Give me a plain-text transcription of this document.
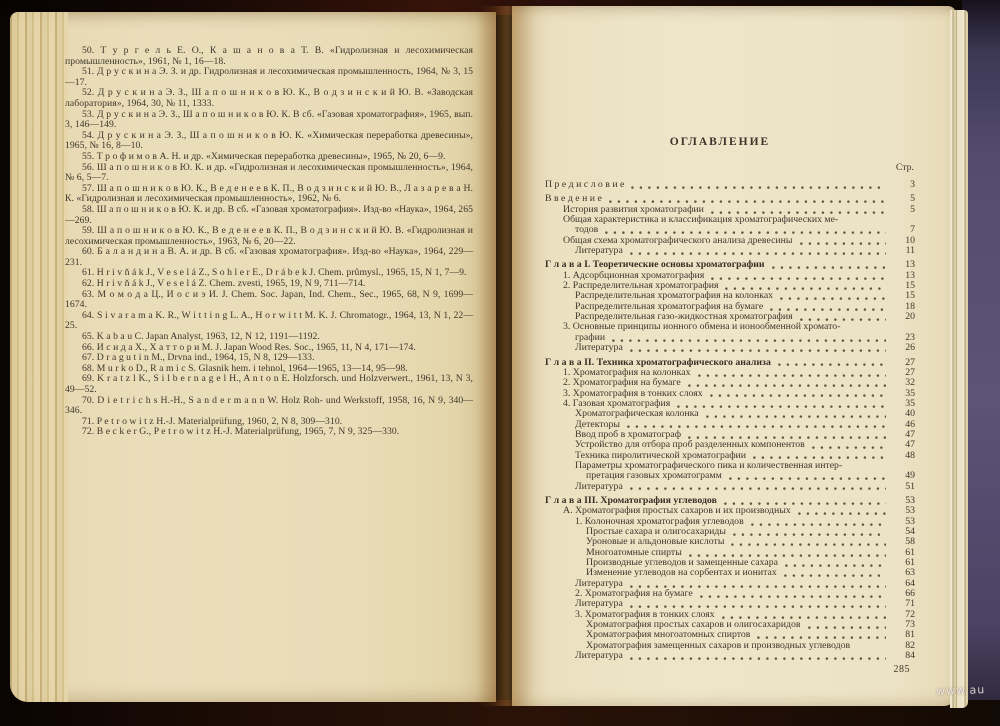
50. Т у р г е л ь Е. О., К а ш а н о в а Т. В. «Гидролизная и лесохимическая промышленность», 1961, № 1, 16—18.

51. Д р у с к и н а Э. З. и др. Гидролизная и лесохимическая промышленность, 1964, № 3, 15—17.

52. Д р у с к и н а Э. З., Ш а п о ш н и к о в Ю. К., В о д з и н с к и й Ю. В. «Заводская лаборатория», 1964, 30, № 11, 1333.

53. Д р у с к и н а Э. З., Ш а п о ш н и к о в Ю. К. В сб. «Газовая хроматография», 1965, вып. 3, 146—149.

54. Д р у с к и н а Э. З., Ш а п о ш н и к о в Ю. К. «Химическая переработка древесины», 1965, № 16, 8—10.

55. Т р о ф и м о в А. Н. и др. «Химическая переработка древесины», 1965, № 20, 6—9.

56. Ш а п о ш н и к о в Ю. К. и др. «Гидролизная и лесохимическая промышленность», 1964, № 6, 5—7.

57. Ш а п о ш н и к о в Ю. К., В е д е н е е в К. П., В о д з и н с к и й Ю. В., Л а з а р е в а Н. К. «Гидролизная и лесохимическая промышленность», 1962, № 6.

58. Ш а п о ш н и к о в Ю. К. и др. В сб. «Газовая хроматография». Изд-во «Наука», 1964, 265—269.

59. Ш а п о ш н и к о в Ю. К., В е д е н е е в К. П., В о д з и н с к и й Ю. В. «Гидролизная и лесохимическая промышленность», 1963, № 6, 20—22.

60. Б а л а н д и н а В. А. и др. В сб. «Газовая хроматография». Изд-во «Наука», 1964, 229—231.

61. H r i v ň á k J., V e s e l á Z., S o h l e r E., D r á b e k J. Chem. průmysl., 1965, 15, N 1, 7—9.

62. H r i v ň á k J., V e s e l á Z. Chem. zvesti, 1965, 19, N 9, 711—714.

63. М о м о д а Ц., И о с и э И. J. Chem. Soc. Japan, Ind. Chem., Sec., 1965, 68, N 9, 1699—1674.

64. S i v a r a m a K. R., W i t t i n g L. A., H o r w i t t M. K. J. Chromatogr., 1964, 13, N 1, 22—25.

65. K a b a u C. Japan Analyst, 1963, 12, N 12, 1191—1192.

66. И с и д а Х., Х а т т о р и М. J. Japan Wood Res. Soc., 1965, 11, N 4, 171—174.

67. D r a g u t i n M., Drvna ind., 1964, 15, N 8, 129—133.

68. M u r k o D., R a m i c S. Glasnik hem. i tehnol, 1964—1965, 13—14, 95—98.

69. K r a t z l K., S i l b e r n a g e l H., A n t o n E. Holzforsch. und Holzverwert., 1961, 13, N 3, 49—52.

70. D i e t r i c h s H.-H., S a n d e r m a n n W. Holz Roh- und Werkstoff, 1958, 16, N 9, 340—346.

71. P e t r o w i t z H.-J. Materialprüfung, 1960, 2, N 8, 309—310.

72. B e c k e r G., P e t r o w i t z H.-J. Materialprüfung, 1965, 7, N 9, 325—330.

ОГЛАВЛЕНИЕ
Стр.
П р е д и с л о в и е	3
В в е д е н и е	5
История развития хроматографии	5
Общая характеристика и классификация хроматографических ме-
тодов	7
Общая схема хроматографического анализа древесины	10
Литература	11
Г л а в а I. Теоретические основы хроматографии	13
1. Адсорбционная хроматография	13
2. Распределительная хроматография	15
Распределительная хроматография на колонках	15
Распределительная хроматография на бумаге	18
Распределительная газо-жидкостная хроматография	20
3. Основные принципы ионного обмена и ионообменной хромато-
графии	23
Литература	26
Г л а в а II. Техника хроматографического анализа	27
1. Хроматография на колонках	27
2. Хроматография на бумаге	32
3. Хроматография в тонких слоях	35
4. Газовая хроматография	35
Хроматографическая колонка	40
Детекторы	46
Ввод проб в хроматограф	47
Устройство для отбора проб разделенных компонентов	47
Техника пиролитической хроматографии	48
Параметры хроматографического пика и количественная интер-
претация газовых хроматограмм	49
Литература	51
Г л а в а III. Хроматография углеводов	53
А. Хроматография простых сахаров и их производных	53
1. Колоночная хроматография углеводов	53
Простые сахара и олигосахариды	54
Уроновые и альдоновые кислоты	58
Многоатомные спирты	61
Производные углеводов и замещенные сахара	61
Изменение углеводов на сорбентах и ионитах	63
Литература	64
2. Хроматография на бумаге	66
Литература	71
3. Хроматография в тонких слоях	72
Хроматография простых сахаров и олигосахаридов	73
Хроматография многоатомных спиртов	81
Хроматография замещенных сахаров и производных углеводов	82
Литература	84
285
www.au
